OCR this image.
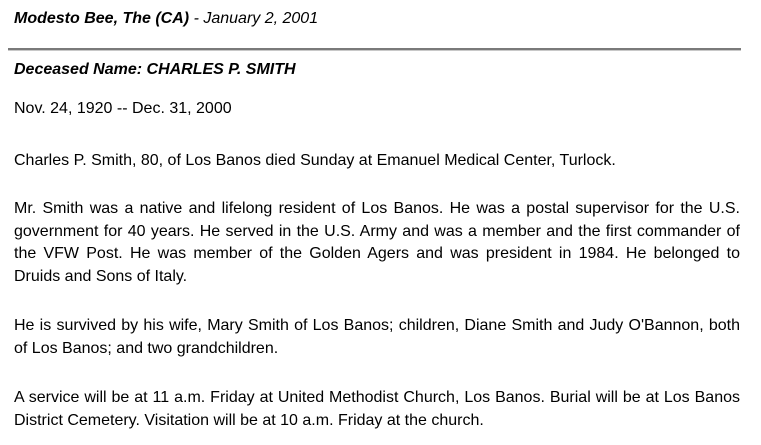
Modesto Bee, The (CA) - January 2, 2001
Deceased Name: CHARLES P. SMITH

Nov. 24, 1920 -- Dec. 31, 2000

Charles P. Smith, 80, of Los Banos died Sunday at Emanuel Medical Center, Turlock.

Mr. Smith was a native and lifelong resident of Los Banos. He was a postal supervisor for the U.S. government for 40 years. He served in the U.S. Army and was a member and the first commander of the VFW Post. He was member of the Golden Agers and was president in 1984. He belonged to Druids and Sons of Italy.

He is survived by his wife, Mary Smith of Los Banos; children, Diane Smith and Judy O'Bannon, both of Los Banos; and two grandchildren.

A service will be at 11 a.m. Friday at United Methodist Church, Los Banos. Burial will be at Los Banos District Cemetery. Visitation will be at 10 a.m. Friday at the church.
